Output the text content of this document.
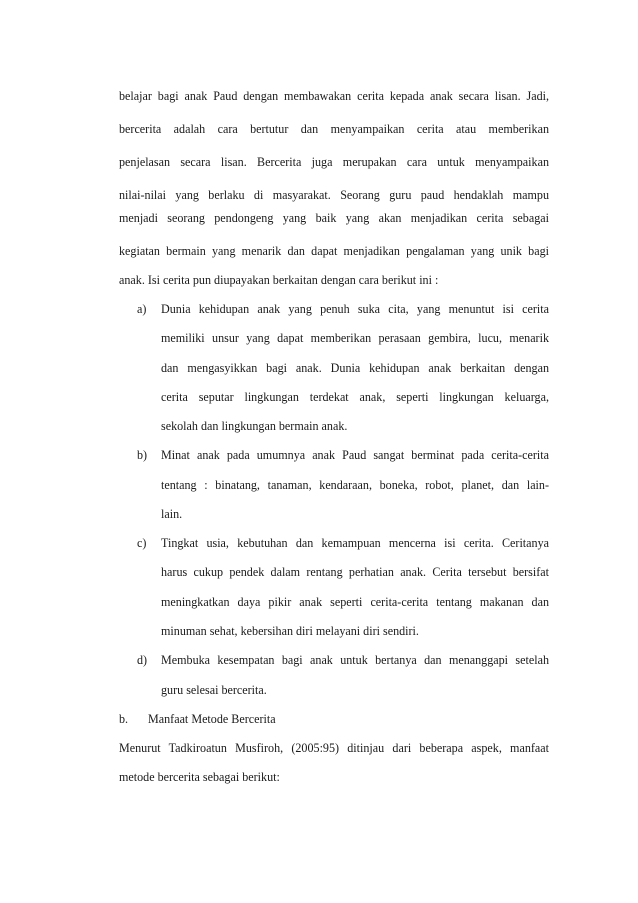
belajar bagi anak Paud dengan membawakan cerita kepada anak secara lisan. Jadi,
bercerita adalah cara bertutur dan menyampaikan cerita atau memberikan
penjelasan secara lisan. Bercerita juga merupakan cara untuk menyampaikan
nilai-nilai yang berlaku di masyarakat. Seorang guru paud hendaklah mampu
menjadi seorang pendongeng yang baik yang akan menjadikan cerita sebagai
kegiatan bermain yang menarik dan dapat menjadikan pengalaman yang unik bagi
anak. Isi cerita pun diupayakan berkaitan dengan cara berikut ini :
a) Dunia kehidupan anak yang penuh suka cita, yang menuntut isi cerita
memiliki unsur yang dapat memberikan perasaan gembira, lucu, menarik
dan mengasyikkan bagi anak. Dunia kehidupan anak berkaitan dengan
cerita seputar lingkungan terdekat anak, seperti lingkungan keluarga,
sekolah dan lingkungan bermain anak.
b) Minat anak pada umumnya anak Paud sangat berminat pada cerita-cerita
tentang : binatang, tanaman, kendaraan, boneka, robot, planet, dan lain-
lain.
c) Tingkat usia, kebutuhan dan kemampuan mencerna isi cerita. Ceritanya
harus cukup pendek dalam rentang perhatian anak. Cerita tersebut bersifat
meningkatkan daya pikir anak seperti cerita-cerita tentang makanan dan
minuman sehat, kebersihan diri melayani diri sendiri.
d) Membuka kesempatan bagi anak untuk bertanya dan menanggapi setelah
guru selesai bercerita.
b. Manfaat Metode Bercerita
Menurut Tadkiroatun Musfiroh, (2005:95) ditinjau dari beberapa aspek, manfaat
metode bercerita sebagai berikut:
